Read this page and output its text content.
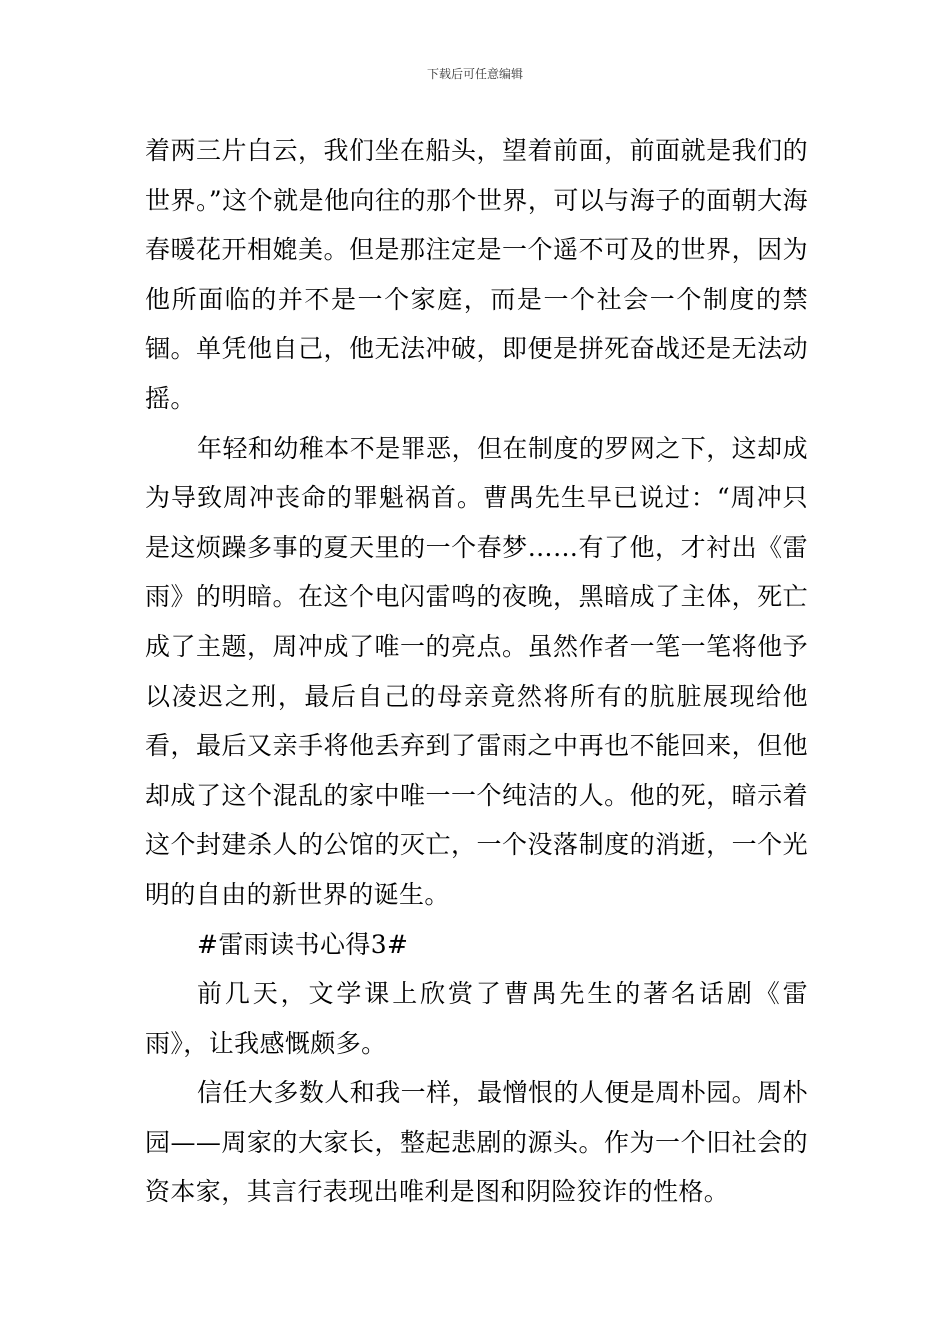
下载后可任意编辑

着两三片白云，我们坐在船头，望着前面，前面就是我们的世界。”这个就是他向往的那个世界，可以与海子的面朝大海春暖花开相媲美。但是那注定是一个遥不可及的世界，因为他所面临的并不是一个家庭，而是一个社会一个制度的禁锢。单凭他自己，他无法冲破，即便是拼死奋战还是无法动摇。

年轻和幼稚本不是罪恶，但在制度的罗网之下，这却成为导致周冲丧命的罪魁祸首。曹禺先生早已说过：“周冲只是这烦躁多事的夏天里的一个春梦……有了他，才衬出《雷雨》的明暗。在这个电闪雷鸣的夜晚，黑暗成了主体，死亡成了主题，周冲成了唯一的亮点。虽然作者一笔一笔将他予以凌迟之刑，最后自己的母亲竟然将所有的肮脏展现给他看，最后又亲手将他丢弃到了雷雨之中再也不能回来，但他却成了这个混乱的家中唯一一个纯洁的人。他的死，暗示着这个封建杀人的公馆的灭亡，一个没落制度的消逝，一个光明的自由的新世界的诞生。

#雷雨读书心得3#

前几天，文学课上欣赏了曹禺先生的著名话剧《雷雨》，让我感慨颇多。

信任大多数人和我一样，最憎恨的人便是周朴园。周朴园——周家的大家长，整起悲剧的源头。作为一个旧社会的资本家，其言行表现出唯利是图和阴险狡诈的性格。
